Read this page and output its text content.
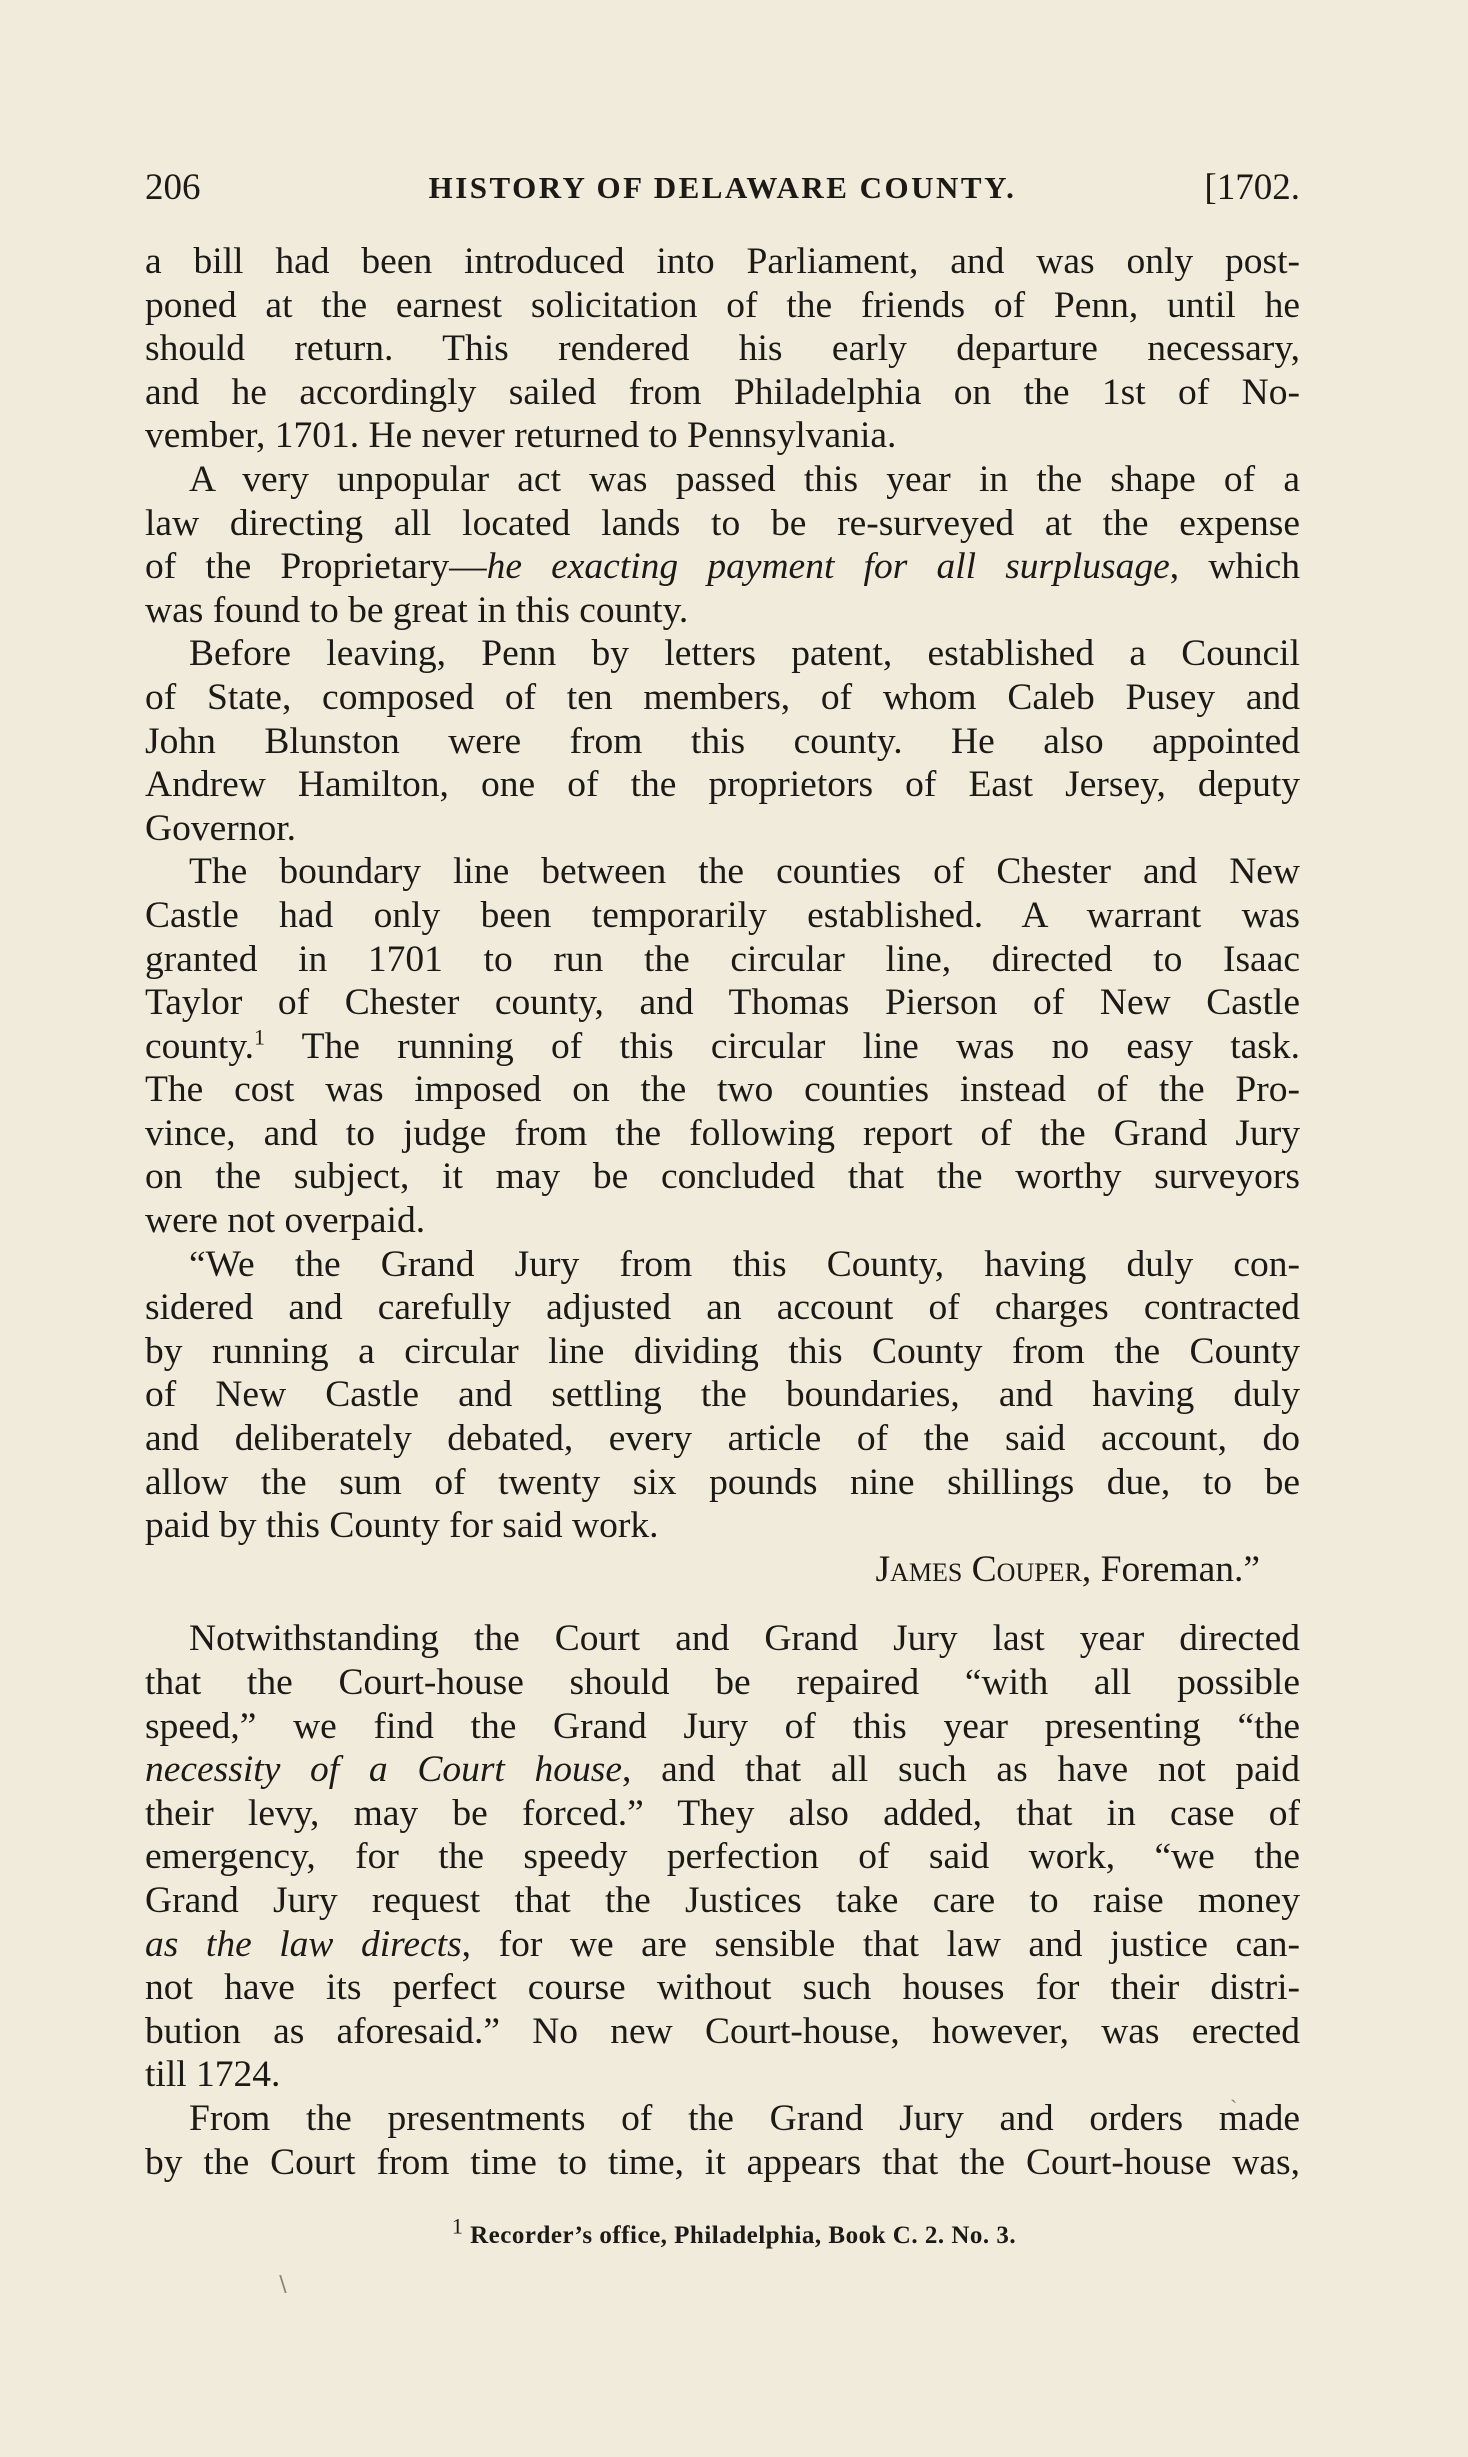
206	HISTORY OF DELAWARE COUNTY.	[1702.
a bill had been introduced into Parliament, and was only post-
poned at the earnest solicitation of the friends of Penn, until he
should return. This rendered his early departure necessary,
and he accordingly sailed from Philadelphia on the 1st of No-
vember, 1701. He never returned to Pennsylvania.
A very unpopular act was passed this year in the shape of a
law directing all located lands to be re-surveyed at the expense
of the Proprietary—he exacting payment for all surplusage, which
was found to be great in this county.
Before leaving, Penn by letters patent, established a Council
of State, composed of ten members, of whom Caleb Pusey and
John Blunston were from this county. He also appointed
Andrew Hamilton, one of the proprietors of East Jersey, deputy
Governor.
The boundary line between the counties of Chester and New
Castle had only been temporarily established. A warrant was
granted in 1701 to run the circular line, directed to Isaac
Taylor of Chester county, and Thomas Pierson of New Castle
county.$^1$ The running of this circular line was no easy task.
The cost was imposed on the two counties instead of the Pro-
vince, and to judge from the following report of the Grand Jury
on the subject, it may be concluded that the worthy surveyors
were not overpaid.
“We the Grand Jury from this County, having duly con-
sidered and carefully adjusted an account of charges contracted
by running a circular line dividing this County from the County
of New Castle and settling the boundaries, and having duly
and deliberately debated, every article of the said account, do
allow the sum of twenty six pounds nine shillings due, to be
paid by this County for said work.
James Couper, Foreman.”
Notwithstanding the Court and Grand Jury last year directed
that the Court-house should be repaired “with all possible
speed,” we find the Grand Jury of this year presenting “the
necessity of a Court house, and that all such as have not paid
their levy, may be forced.” They also added, that in case of
emergency, for the speedy perfection of said work, “we the
Grand Jury request that the Justices take care to raise money
as the law directs, for we are sensible that law and justice can-
not have its perfect course without such houses for their distri-
bution as aforesaid.” No new Court-house, however, was erected
till 1724.
From the presentments of the Grand Jury and orders made
by the Court from time to time, it appears that the Court-house was,
$^1$ Recorder’s office, Philadelphia, Book C. 2. No. 3.
∖
ˎ
